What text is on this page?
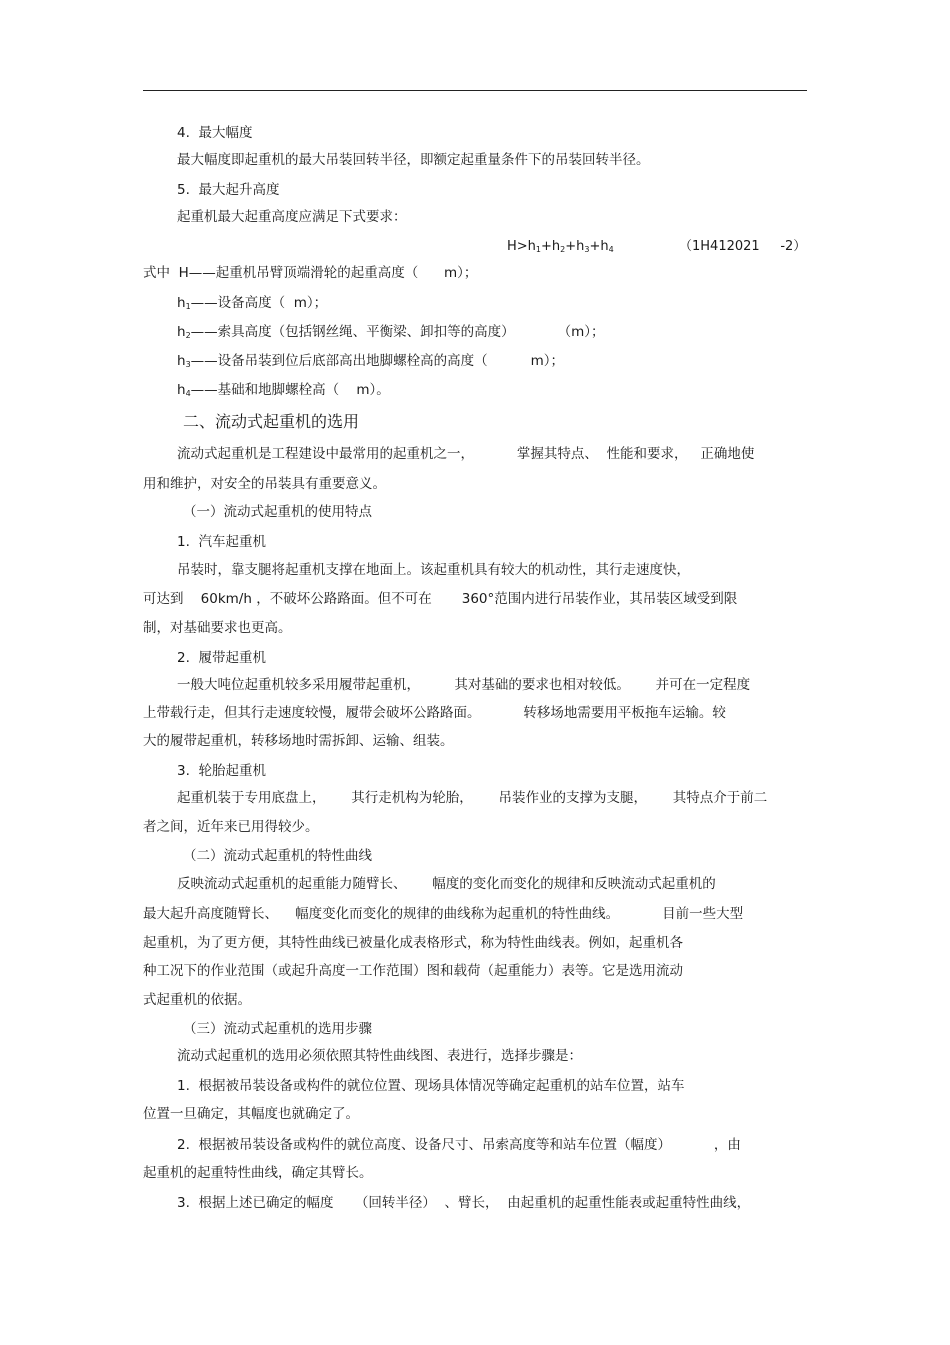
4.  最大幅度
最大幅度即起重机的最大吊装回转半径，即额定起重量条件下的吊装回转半径。
5.  最大起升高度
起重机最大起重高度应满足下式要求：
$H>h_1+h_2+h_3+h_4$	（1H412021     -2）
式中  H——起重机吊臂顶端滑轮的起重高度（      m）；
$h_1——$设备高度（  m）；
$h_2——$索具高度（包括钢丝绳、平衡梁、卸扣等的高度）          （m）；
$h_3——$设备吊装到位后底部高出地脚螺栓高的高度（          m）；
$h_4——$基础和地脚螺栓高（    m）。
二、流动式起重机的选用
流动式起重机是工程建设中最常用的起重机之一，          掌握其特点、  性能和要求，   正确地使
用和维护，对安全的吊装具有重要意义。
（一）流动式起重机的使用特点
1.  汽车起重机
吊装时，靠支腿将起重机支撑在地面上。该起重机具有较大的机动性，其行走速度快，
可达到    60km/h ，不破坏公路路面。但不可在       360°范围内进行吊装作业，其吊装区域受到限
制，对基础要求也更高。
2.  履带起重机
一般大吨位起重机较多采用履带起重机，        其对基础的要求也相对较低。      并可在一定程度
上带载行走，但其行走速度较慢，履带会破坏公路路面。          转移场地需要用平板拖车运输。较
大的履带起重机，转移场地时需拆卸、运输、组装。
3.  轮胎起重机
起重机装于专用底盘上，      其行走机构为轮胎，      吊装作业的支撑为支腿，      其特点介于前二
者之间，近年来已用得较少。
（二）流动式起重机的特性曲线
反映流动式起重机的起重能力随臂长、      幅度的变化而变化的规律和反映流动式起重机的
最大起升高度随臂长、    幅度变化而变化的规律的曲线称为起重机的特性曲线。          目前一些大型
起重机，为了更方便，其特性曲线已被量化成表格形式，称为特性曲线表。例如，起重机各
种工况下的作业范围（或起升高度一工作范围）图和载荷（起重能力）表等。它是选用流动
式起重机的依据。
（三）流动式起重机的选用步骤
流动式起重机的选用必须依照其特性曲线图、表进行，选择步骤是：
1.  根据被吊装设备或构件的就位位置、现场具体情况等确定起重机的站车位置，站车
位置一旦确定，其幅度也就确定了。
2.  根据被吊装设备或构件的就位高度、设备尺寸、吊索高度等和站车位置（幅度）          ，由
起重机的起重特性曲线，确定其臂长。
3.  根据上述已确定的幅度     （回转半径）  、臂长，  由起重机的起重性能表或起重特性曲线，
